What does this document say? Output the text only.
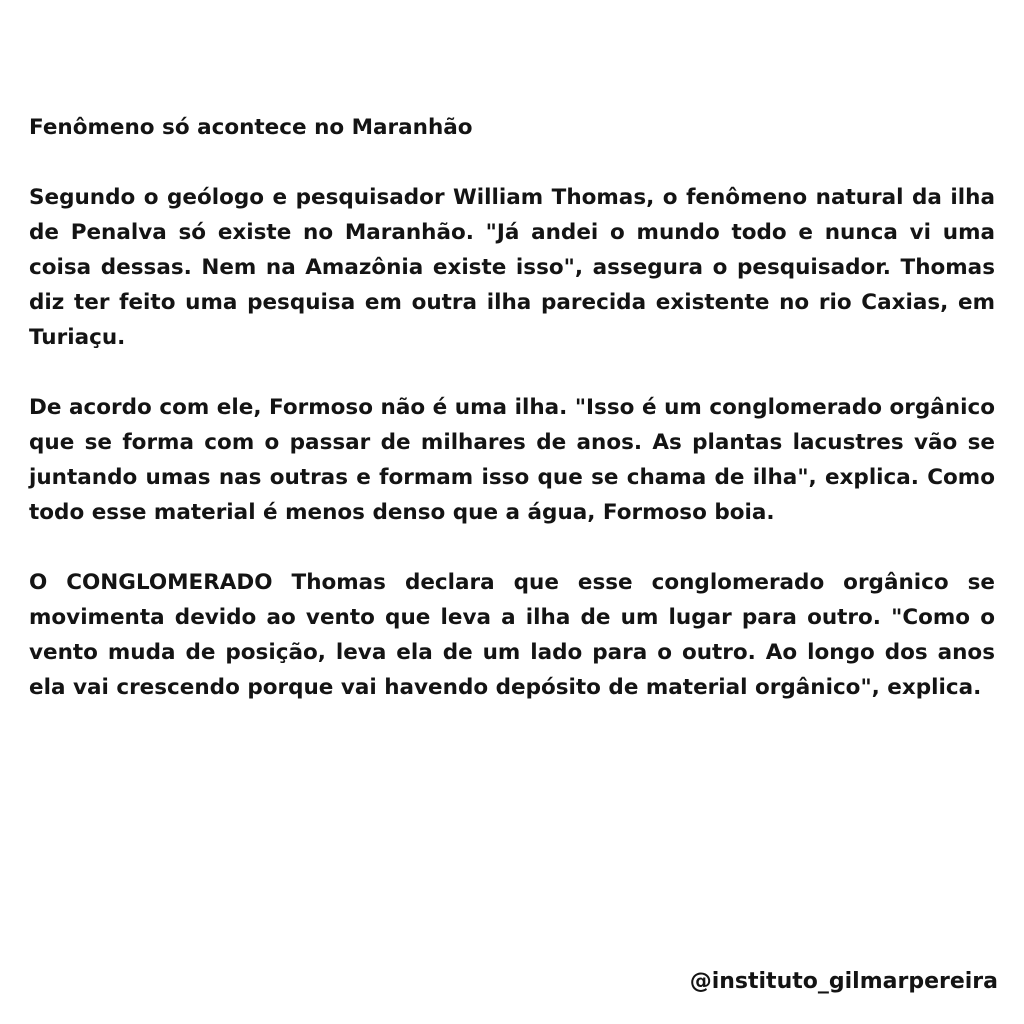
Fenômeno só acontece no Maranhão

Segundo o geólogo e pesquisador William Thomas, o fenômeno natural da ilha de Penalva só existe no Maranhão. "Já andei o mundo todo e nunca vi uma coisa dessas. Nem na Amazônia existe isso", assegura o pesquisador. Thomas diz ter feito uma pesquisa em outra ilha parecida existente no rio Caxias, em Turiaçu.

De acordo com ele, Formoso não é uma ilha. "Isso é um conglomerado orgânico que se forma com o passar de milhares de anos. As plantas lacustres vão se juntando umas nas outras e formam isso que se chama de ilha", explica. Como todo esse material é menos denso que a água, Formoso boia.

O CONGLOMERADO Thomas declara que esse conglomerado orgânico se movimenta devido ao vento que leva a ilha de um lugar para outro. "Como o vento muda de posição, leva ela de um lado para o outro. Ao longo dos anos ela vai crescendo porque vai havendo depósito de material orgânico", explica.

@instituto_gilmarpereira
